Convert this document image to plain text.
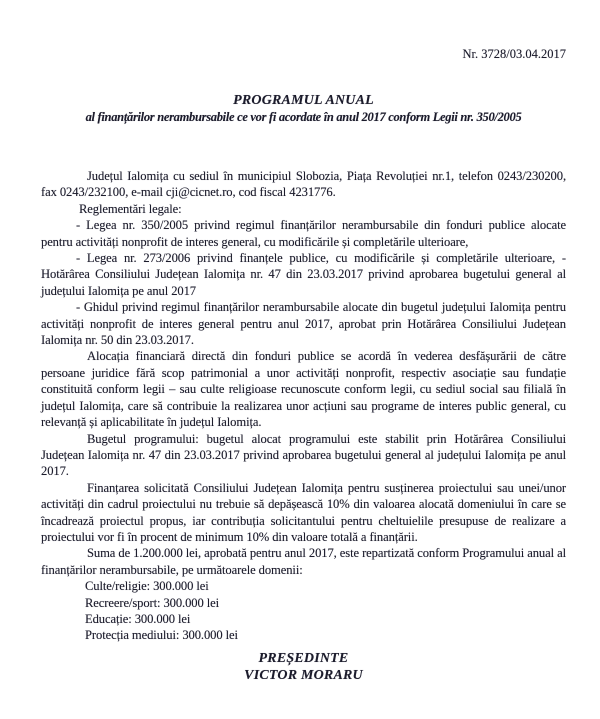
Nr. 3728/03.04.2017
PROGRAMUL ANUAL
al finanțărilor nerambursabile ce vor fi acordate în anul 2017 conform Legii nr. 350/2005

Județul Ialomița cu sediul în municipiul Slobozia, Piața Revoluției nr.1, telefon 0243/230200, fax 0243/232100, e-mail cji@cicnet.ro, cod fiscal 4231776.

Reglementări legale:

- Legea nr. 350/2005 privind regimul finanțărilor nerambursabile din fonduri publice alocate pentru activități nonprofit de interes general, cu modificările și completările ulterioare,

- Legea nr. 273/2006 privind finanțele publice, cu modificările și completările ulterioare, - Hotărârea Consiliului Județean Ialomița nr. 47 din 23.03.2017 privind aprobarea bugetului general al județului Ialomița pe anul 2017

- Ghidul privind regimul finanțărilor nerambursabile alocate din bugetul județului Ialomița pentru activități nonprofit de interes general pentru anul 2017, aprobat prin Hotărârea Consiliului Județean Ialomița nr. 50 din 23.03.2017.

Alocația financiară directă din fonduri publice se acordă în vederea desfășurării de către persoane juridice fără scop patrimonial a unor activități nonprofit, respectiv asociație sau fundație constituită conform legii – sau culte religioase recunoscute conform legii, cu sediul social sau filială în județul Ialomița, care să contribuie la realizarea unor acțiuni sau programe de interes public general, cu relevanță și aplicabilitate în județul Ialomița.

Bugetul programului: bugetul alocat programului este stabilit prin Hotărârea Consiliului Județean Ialomița nr. 47 din 23.03.2017 privind aprobarea bugetului general al județului Ialomița pe anul 2017.

Finanțarea solicitată Consiliului Județean Ialomița pentru susținerea proiectului sau unei/unor activități din cadrul proiectului nu trebuie să depășească 10% din valoarea alocată domeniului în care se încadrează proiectul propus, iar contribuția solicitantului pentru cheltuielile presupuse de realizare a proiectului vor fi în procent de minimum 10% din valoare totală a finanțării.

Suma de 1.200.000 lei, aprobată pentru anul 2017, este repartizată conform Programului anual al finanțărilor nerambursabile, pe următoarele domenii:

Culte/religie: 300.000 lei
Recreere/sport: 300.000 lei
Educație: 300.000 lei
Protecția mediului: 300.000 lei
PREȘEDINTE
VICTOR MORARU
